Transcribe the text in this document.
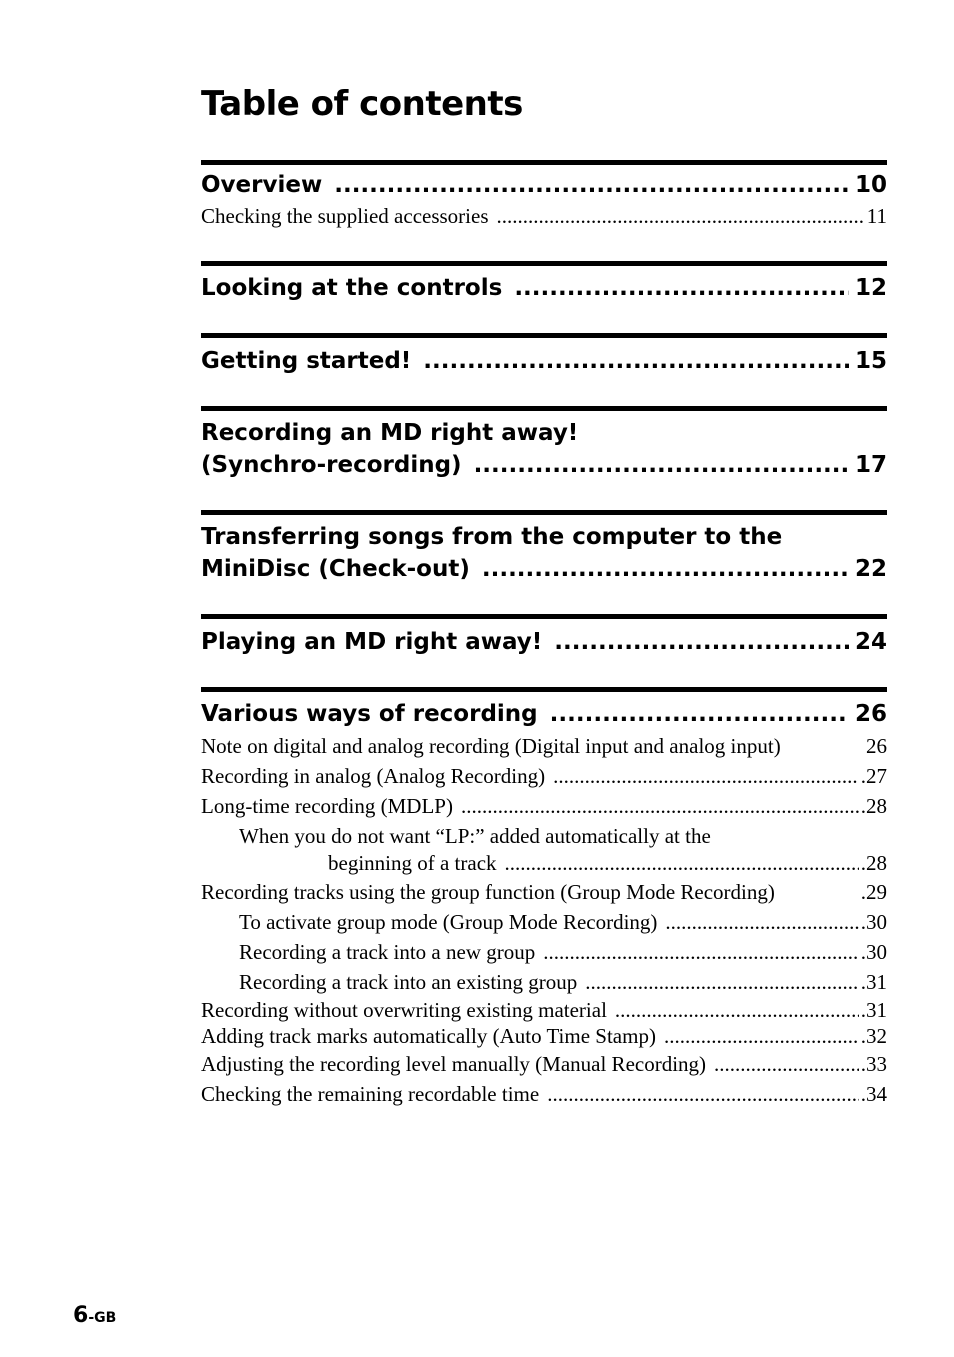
Table of contents
Overview .....	10
Checking the supplied accessories .....	11
Looking at the controls .....	12
Getting started! .....	15
Recording an MD right away!
(Synchro-recording) .....	17
Transferring songs from the computer to the
MiniDisc (Check-out) .....	22
Playing an MD right away! .....	24
Various ways of recording .....	26
Note on digital and analog recording (Digital input and analog input)	26
Recording in analog (Analog Recording) .....	.27
Long-time recording (MDLP) .....	.28
When you do not want “LP:” added automatically at the
beginning of a track .....	.28
Recording tracks using the group function (Group Mode Recording)	.29
To activate group mode (Group Mode Recording) .....	.30
Recording a track into a new group .....	.30
Recording a track into an existing group .....	.31
Recording without overwriting existing material .....	.31
Adding track marks automatically (Auto Time Stamp) .....	.32
Adjusting the recording level manually (Manual Recording) .....	.33
Checking the remaining recordable time .....	.34
6-GB
